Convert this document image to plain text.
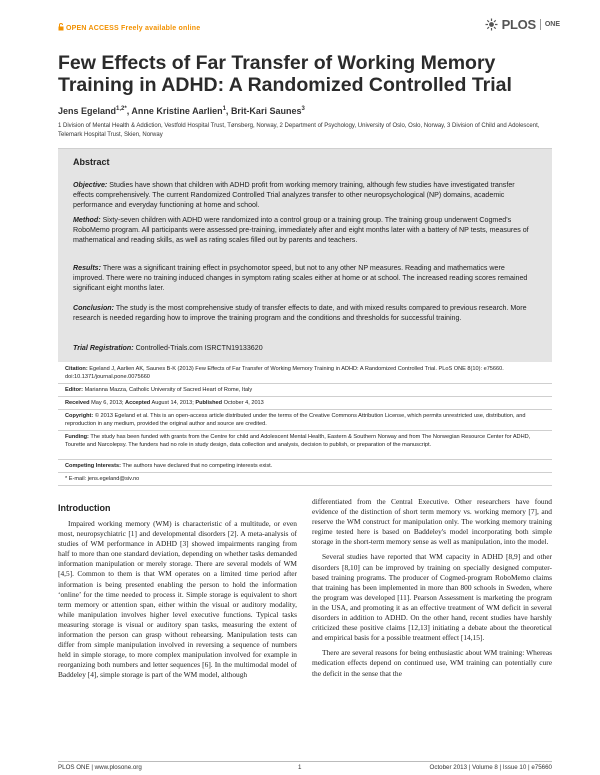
OPEN ACCESS Freely available online	PLOS ONE
Few Effects of Far Transfer of Working Memory Training in ADHD: A Randomized Controlled Trial
Jens Egeland$^{1,2*}$, Anne Kristine Aarlien$^1$, Brit-Kari Saunes$^3$
1 Division of Mental Health & Addiction, Vestfold Hospital Trust, Tønsberg, Norway, 2 Department of Psychology, University of Oslo, Oslo, Norway, 3 Division of Child and Adolescent, Telemark Hospital Trust, Skien, Norway
Abstract
Objective: Studies have shown that children with ADHD profit from working memory training, although few studies have investigated transfer effects comprehensively. The current Randomized Controlled Trial analyzes transfer to other neuropsychological (NP) domains, academic performance and everyday functioning at home and school.
Method: Sixty-seven children with ADHD were randomized into a control group or a training group. The training group underwent Cogmed's RoboMemo program. All participants were assessed pre-training, immediately after and eight months later with a battery of NP tests, measures of mathematical and reading skills, as well as rating scales filled out by parents and teachers.
Results: There was a significant training effect in psychomotor speed, but not to any other NP measures. Reading and mathematics were improved. There were no training induced changes in symptom rating scales either at home or at school. The increased reading scores remained significant eight months later.
Conclusion: The study is the most comprehensive study of transfer effects to date, and with mixed results compared to previous research. More research is needed regarding how to improve the training program and the conditions and thresholds for successful training.
Trial Registration: Controlled-Trials.com ISRCTN19133620
Citation: Egeland J, Aarlien AK, Saunes B-K (2013) Few Effects of Far Transfer of Working Memory Training in ADHD: A Randomized Controlled Trial. PLoS ONE 8(10): e75660. doi:10.1371/journal.pone.0075660
Editor: Marianna Mazza, Catholic University of Sacred Heart of Rome, Italy
Received May 6, 2013; Accepted August 14, 2013; Published October 4, 2013
Copyright: © 2013 Egeland et al. This is an open-access article distributed under the terms of the Creative Commons Attribution License, which permits unrestricted use, distribution, and reproduction in any medium, provided the original author and source are credited.
Funding: The study has been funded with grants from the Centre for child and Adolescent Mental Health, Eastern & Southern Norway and from The Norwegian Resource Center for ADHD, Tourette and Narcolepsy. The funders had no role in study design, data collection and analysis, decision to publish, or preparation of the manuscript.
Competing Interests: The authors have declared that no competing interests exist.
* E-mail: jens.egeland@siv.no
Introduction

Impaired working memory (WM) is characteristic of a multitude, or even most, neuropsychiatric [1] and developmental disorders [2]. A meta-analysis of studies of WM performance in ADHD [3] showed impairments ranging from half to more than one standard deviation, depending on whether tasks demanded information manipulation or merely storage. There are several models of WM [4,5]. Common to them is that WM operates on a limited time period after information is being presented enabling the person to hold the information ‘online’ for the time needed to process it. Simple storage is equivalent to short term memory or attention span, either within the visual or auditory modality, while manipulation involves higher level executive functions. Typical tasks measuring storage is visual or auditory span tasks, measuring the extent of information the person can grasp without rehearsing. Manipulation tests can differ from simple manipulation involved in reversing a sequence of numbers held in simple storage, to more complex manipulation involved for example in reorganizing both numbers and letter sequences [6]. In the multimodal model of Baddeley [4], simple storage is part of the WM model, although

differentiated from the Central Executive. Other researchers have found evidence of the distinction of short term memory vs. working memory [7], and reserve the WM construct for manipulation only. The working memory training regime tested here is based on Baddeley's model incorporating both simple storage in the short-term memory sense as well as manipulation, into the model.

Several studies have reported that WM capacity in ADHD [8,9] and other disorders [8,10] can be improved by training on specially designed computer-based training programs. The producer of Cogmed-program RoboMemo claims that training has been implemented in more than 800 schools in Sweden, where the program was developed [11]. Pearson Assessment is marketing the program in the USA, and promoting it as an effective treatment of WM deficit in several disorders in addition to ADHD. On the other hand, recent studies have harshly criticized these positive claims [12,13] initiating a debate about the theoretical and empirical basis for a possible treatment effect [14,15].

There are several reasons for being enthusiastic about WM training: Whereas medication effects depend on continued use, WM training can potentially cure the deficit in the sense that the

PLOS ONE | www.plosone.org	1	October 2013 | Volume 8 | Issue 10 | e75660
